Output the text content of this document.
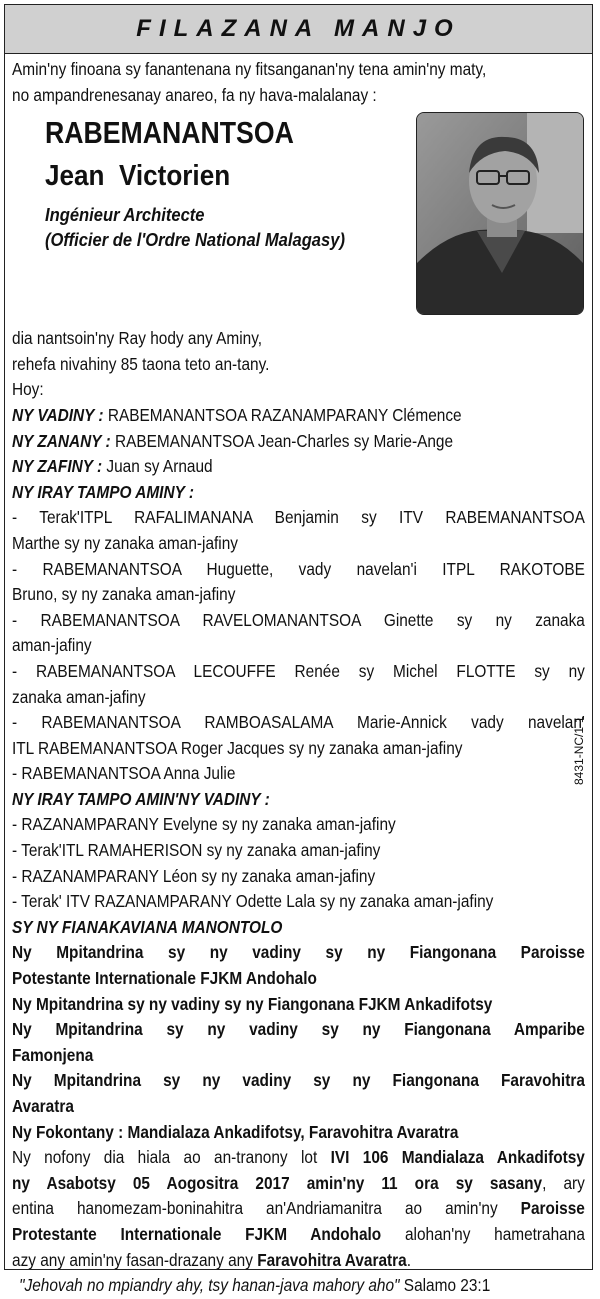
FILAZANA MANJO
RABEMANANTSOA
Jean Victorien
Ingénieur Architecte
(Officier de l'Ordre National Malagasy)
8431-NC/1-1
Amin'ny finoana sy fanantenana ny fitsanganan'ny tena amin'ny maty,
no ampandrenesanay anareo, fa ny hava-malalanay :
dia nantsoin'ny Ray hody any Aminy,
rehefa nivahiny 85 taona teto an-tany.
Hoy:
NY VADINY : RABEMANANTSOA RAZANAMPARANY Clémence
NY ZANANY : RABEMANANTSOA Jean-Charles sy Marie-Ange
NY ZAFINY : Juan sy Arnaud
NY IRAY TAMPO AMINY :
- Terak'ITPL RAFALIMANANA Benjamin sy ITV RABEMANANTSOA
Marthe sy ny zanaka aman-jafiny
- RABEMANANTSOA Huguette, vady navelan'i ITPL RAKOTOBE
Bruno, sy ny zanaka aman-jafiny
- RABEMANANTSOA RAVELOMANANTSOA Ginette sy ny zanaka
aman-jafiny
- RABEMANANTSOA LECOUFFE Renée sy Michel FLOTTE sy ny
zanaka aman-jafiny
- RABEMANANTSOA RAMBOASALAMA Marie-Annick vady navelan'
ITL RABEMANANTSOA Roger Jacques sy ny zanaka aman-jafiny
- RABEMANANTSOA Anna Julie
NY IRAY TAMPO AMIN'NY VADINY :
- RAZANAMPARANY Evelyne sy ny zanaka aman-jafiny
- Terak'ITL RAMAHERISON sy ny zanaka aman-jafiny
- RAZANAMPARANY Léon sy ny zanaka aman-jafiny
- Terak' ITV RAZANAMPARANY Odette Lala sy ny zanaka aman-jafiny
SY NY FIANAKAVIANA MANONTOLO
Ny Mpitandrina sy ny vadiny sy ny Fiangonana Paroisse
Potestante Internationale FJKM Andohalo
Ny Mpitandrina sy ny vadiny sy ny Fiangonana FJKM Ankadifotsy
Ny Mpitandrina sy ny vadiny sy ny Fiangonana Amparibe
Famonjena
Ny Mpitandrina sy ny vadiny sy ny Fiangonana Faravohitra
Avaratra
Ny Fokontany : Mandialaza Ankadifotsy, Faravohitra Avaratra
Ny nofony dia hiala ao an-tranony lot IVI 106 Mandialaza Ankadifotsy
ny Asabotsy 05 Aogositra 2017 amin'ny 11 ora sy sasany, ary
entina hanomezam-boninahitra an'Andriamanitra ao amin'ny Paroisse
Protestante Internationale FJKM Andohalo alohan'ny hametrahana
azy any amin'ny fasan-drazany any Faravohitra Avaratra.
"Jehovah no mpiandry ahy, tsy hanan-java mahory aho" Salamo 23:1
